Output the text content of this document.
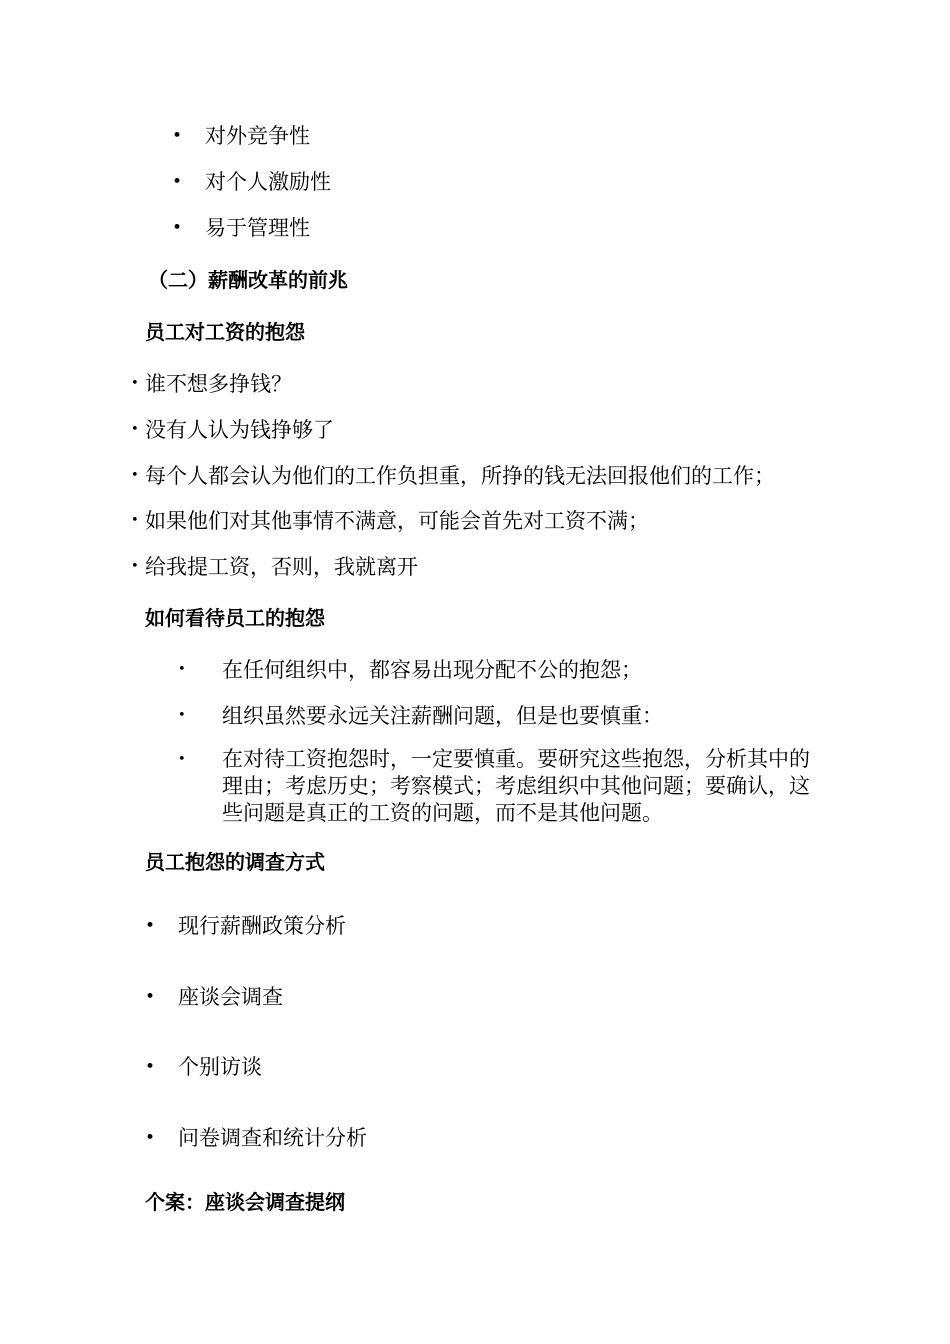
• 对外竞争性
• 对个人激励性
• 易于管理性
（二）薪酬改革的前兆
员工对工资的抱怨
• 谁不想多挣钱？
• 没有人认为钱挣够了
• 每个人都会认为他们的工作负担重，所挣的钱无法回报他们的工作；
• 如果他们对其他事情不满意，可能会首先对工资不满；
• 给我提工资，否则，我就离开
如何看待员工的抱怨
• 在任何组织中，都容易出现分配不公的抱怨；
• 组织虽然要永远关注薪酬问题，但是也要慎重：
• 在对待工资抱怨时，一定要慎重。要研究这些抱怨，分析其中的理由；考虑历史；考察模式；考虑组织中其他问题；要确认，这些问题是真正的工资的问题，而不是其他问题。
员工抱怨的调查方式
• 现行薪酬政策分析
• 座谈会调查
• 个别访谈
• 问卷调查和统计分析
个案：座谈会调查提纲
